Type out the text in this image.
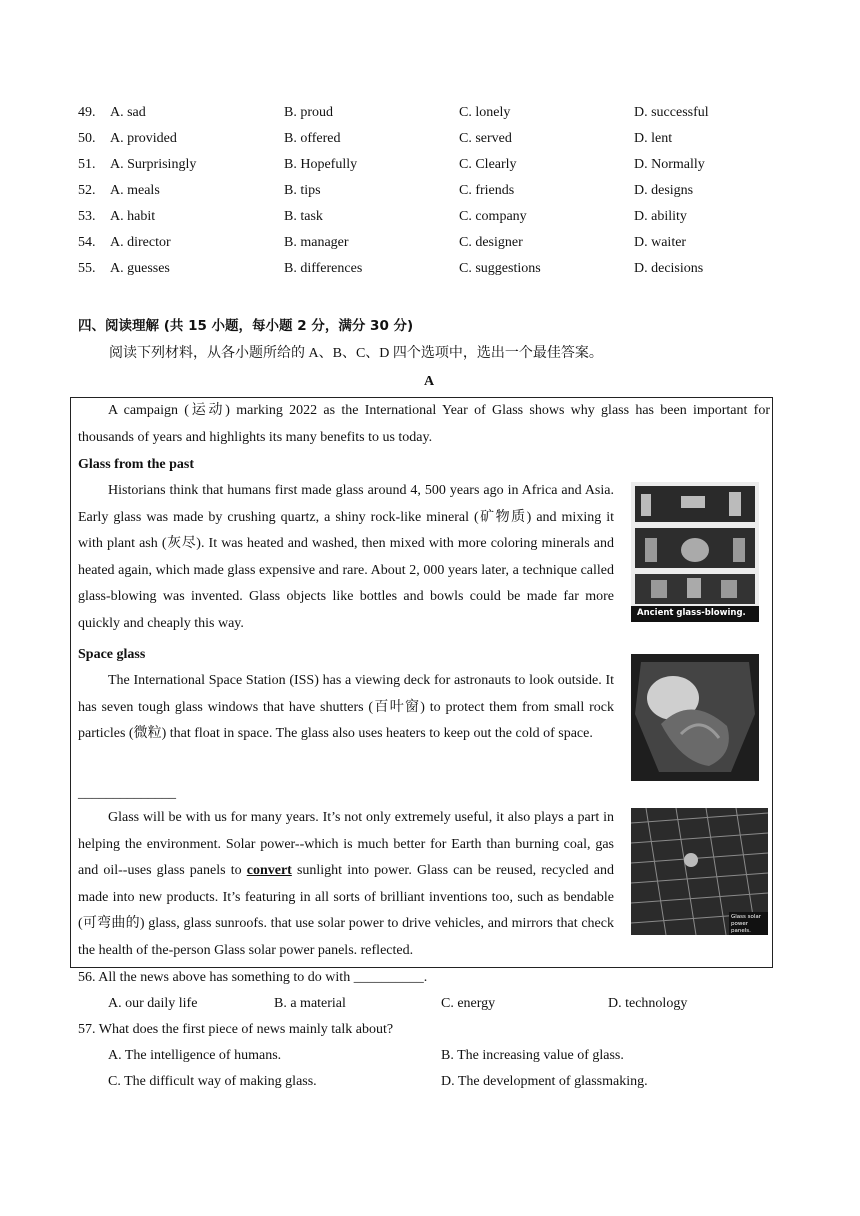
49. A. sad	B. proud	C. lonely	D. successful
50. A. provided	B. offered	C. served	D. lent
51. A. Surprisingly	B. Hopefully	C. Clearly	D. Normally
52. A. meals	B. tips	C. friends	D. designs
53. A. habit	B. task	C. company	D. ability
54. A. director	B. manager	C. designer	D. waiter
55. A. guesses	B. differences	C. suggestions	D. decisions
四、阅读理解 (共 15 小题，每小题 2 分，满分 30 分)
阅读下列材料，从各小题所给的 A、B、C、D 四个选项中，选出一个最佳答案。
A
A campaign (运动) marking 2022 as the International Year of Glass shows why glass has been important for thousands of years and highlights its many benefits to us today.
Glass from the past
Historians think that humans first made glass around 4, 500 years ago in Africa and Asia. Early glass was made by crushing quartz, a shiny rock-like mineral (矿物质) and mixing it with plant ash (灰尽). It was heated and washed, then mixed with more coloring minerals and heated again, which made glass expensive and rare. About 2, 000 years later, a technique called glass-blowing was invented. Glass objects like bottles and bowls could be made far more quickly and cheaply this way.
Space glass
The International Space Station (ISS) has a viewing deck for astronauts to look outside. It has seven tough glass windows that have shutters (百叶窗) to protect them from small rock particles (微粒) that float in space. The glass also uses heaters to keep out the cold of space.
______________
Glass will be with us for many years. It’s not only extremely useful, it also plays a part in helping the environment. Solar power--which is much better for Earth than burning coal, gas and oil--uses glass panels to convert sunlight into power. Glass can be reused, recycled and made into new products. It’s featuring in all sorts of brilliant inventions too, such as bendable (可弯曲的) glass, glass sunroofs. that use solar power to drive vehicles, and mirrors that check the health of the-person Glass solar power panels. reflected.
Ancient glass-blowing.
Glass solar power panels.
56. All the news above has something to do with __________.
A. our daily life	B. a material	C. energy	D. technology
57. What does the first piece of news mainly talk about?
A. The intelligence of humans.	B. The increasing value of glass.
C. The difficult way of making glass.	D. The development of glassmaking.
